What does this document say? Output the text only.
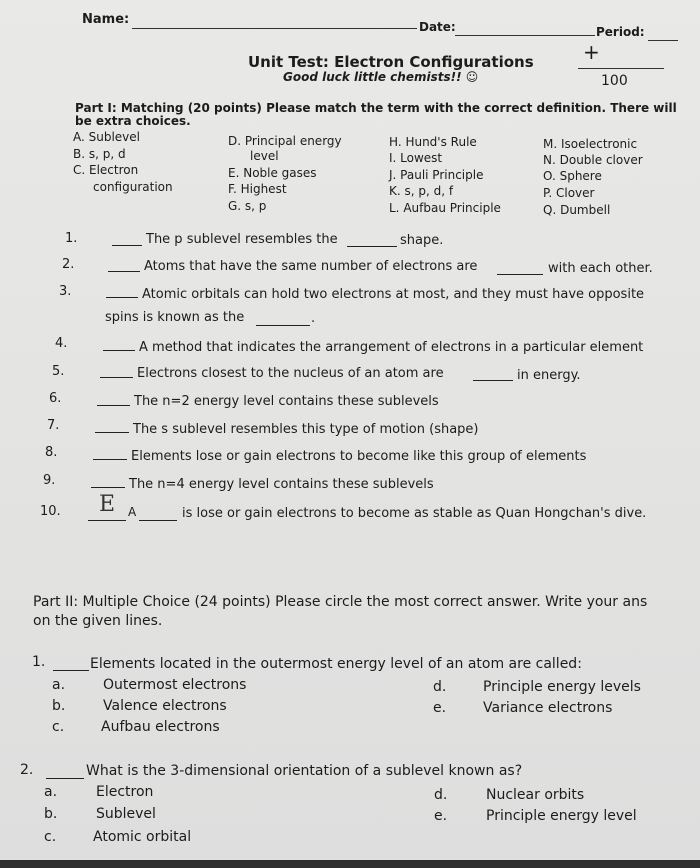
Name:	Date:	Period:
Unit Test: Electron Configurations
Good luck little chemists!! ☺
+
100
Part I: Matching (20 points) Please match the term with the correct definition. There will
be extra choices.
A. Sublevel
B. s, p, d
C. Electron
configuration
D. Principal energy
level
E. Noble gases
F. Highest
G. s, p
H. Hund's Rule
I. Lowest
J. Pauli Principle
K. s, p, d, f
L. Aufbau Principle
M. Isoelectronic
N. Double clover
O. Sphere
P. Clover
Q. Dumbell
1.	The p sublevel resembles the	shape.
2.	Atoms that have the same number of electrons are	with each other.
3.	Atomic orbitals can hold two electrons at most, and they must have opposite
spins is known as the	.
4.	A method that indicates the arrangement of electrons in a particular element
5.	Electrons closest to the nucleus of an atom are	in energy.
6.	The n=2 energy level contains these sublevels
7.	The s sublevel resembles this type of motion (shape)
8.	Elements lose or gain electrons to become like this group of elements
9.	The n=4 energy level contains these sublevels
10. E A	is lose or gain electrons to become as stable as Quan Hongchan's dive.
Part II: Multiple Choice (24 points) Please circle the most correct answer. Write your ans
on the given lines.
1.	Elements located in the outermost energy level of an atom are called:
a.	Outermost electrons
b.	Valence electrons
c.	Aufbau electrons
d.	Principle energy levels
e.	Variance electrons
2.	What is the 3-dimensional orientation of a sublevel known as?
a.	Electron
b.	Sublevel
c.	Atomic orbital
d.	Nuclear orbits
e.	Principle energy level
